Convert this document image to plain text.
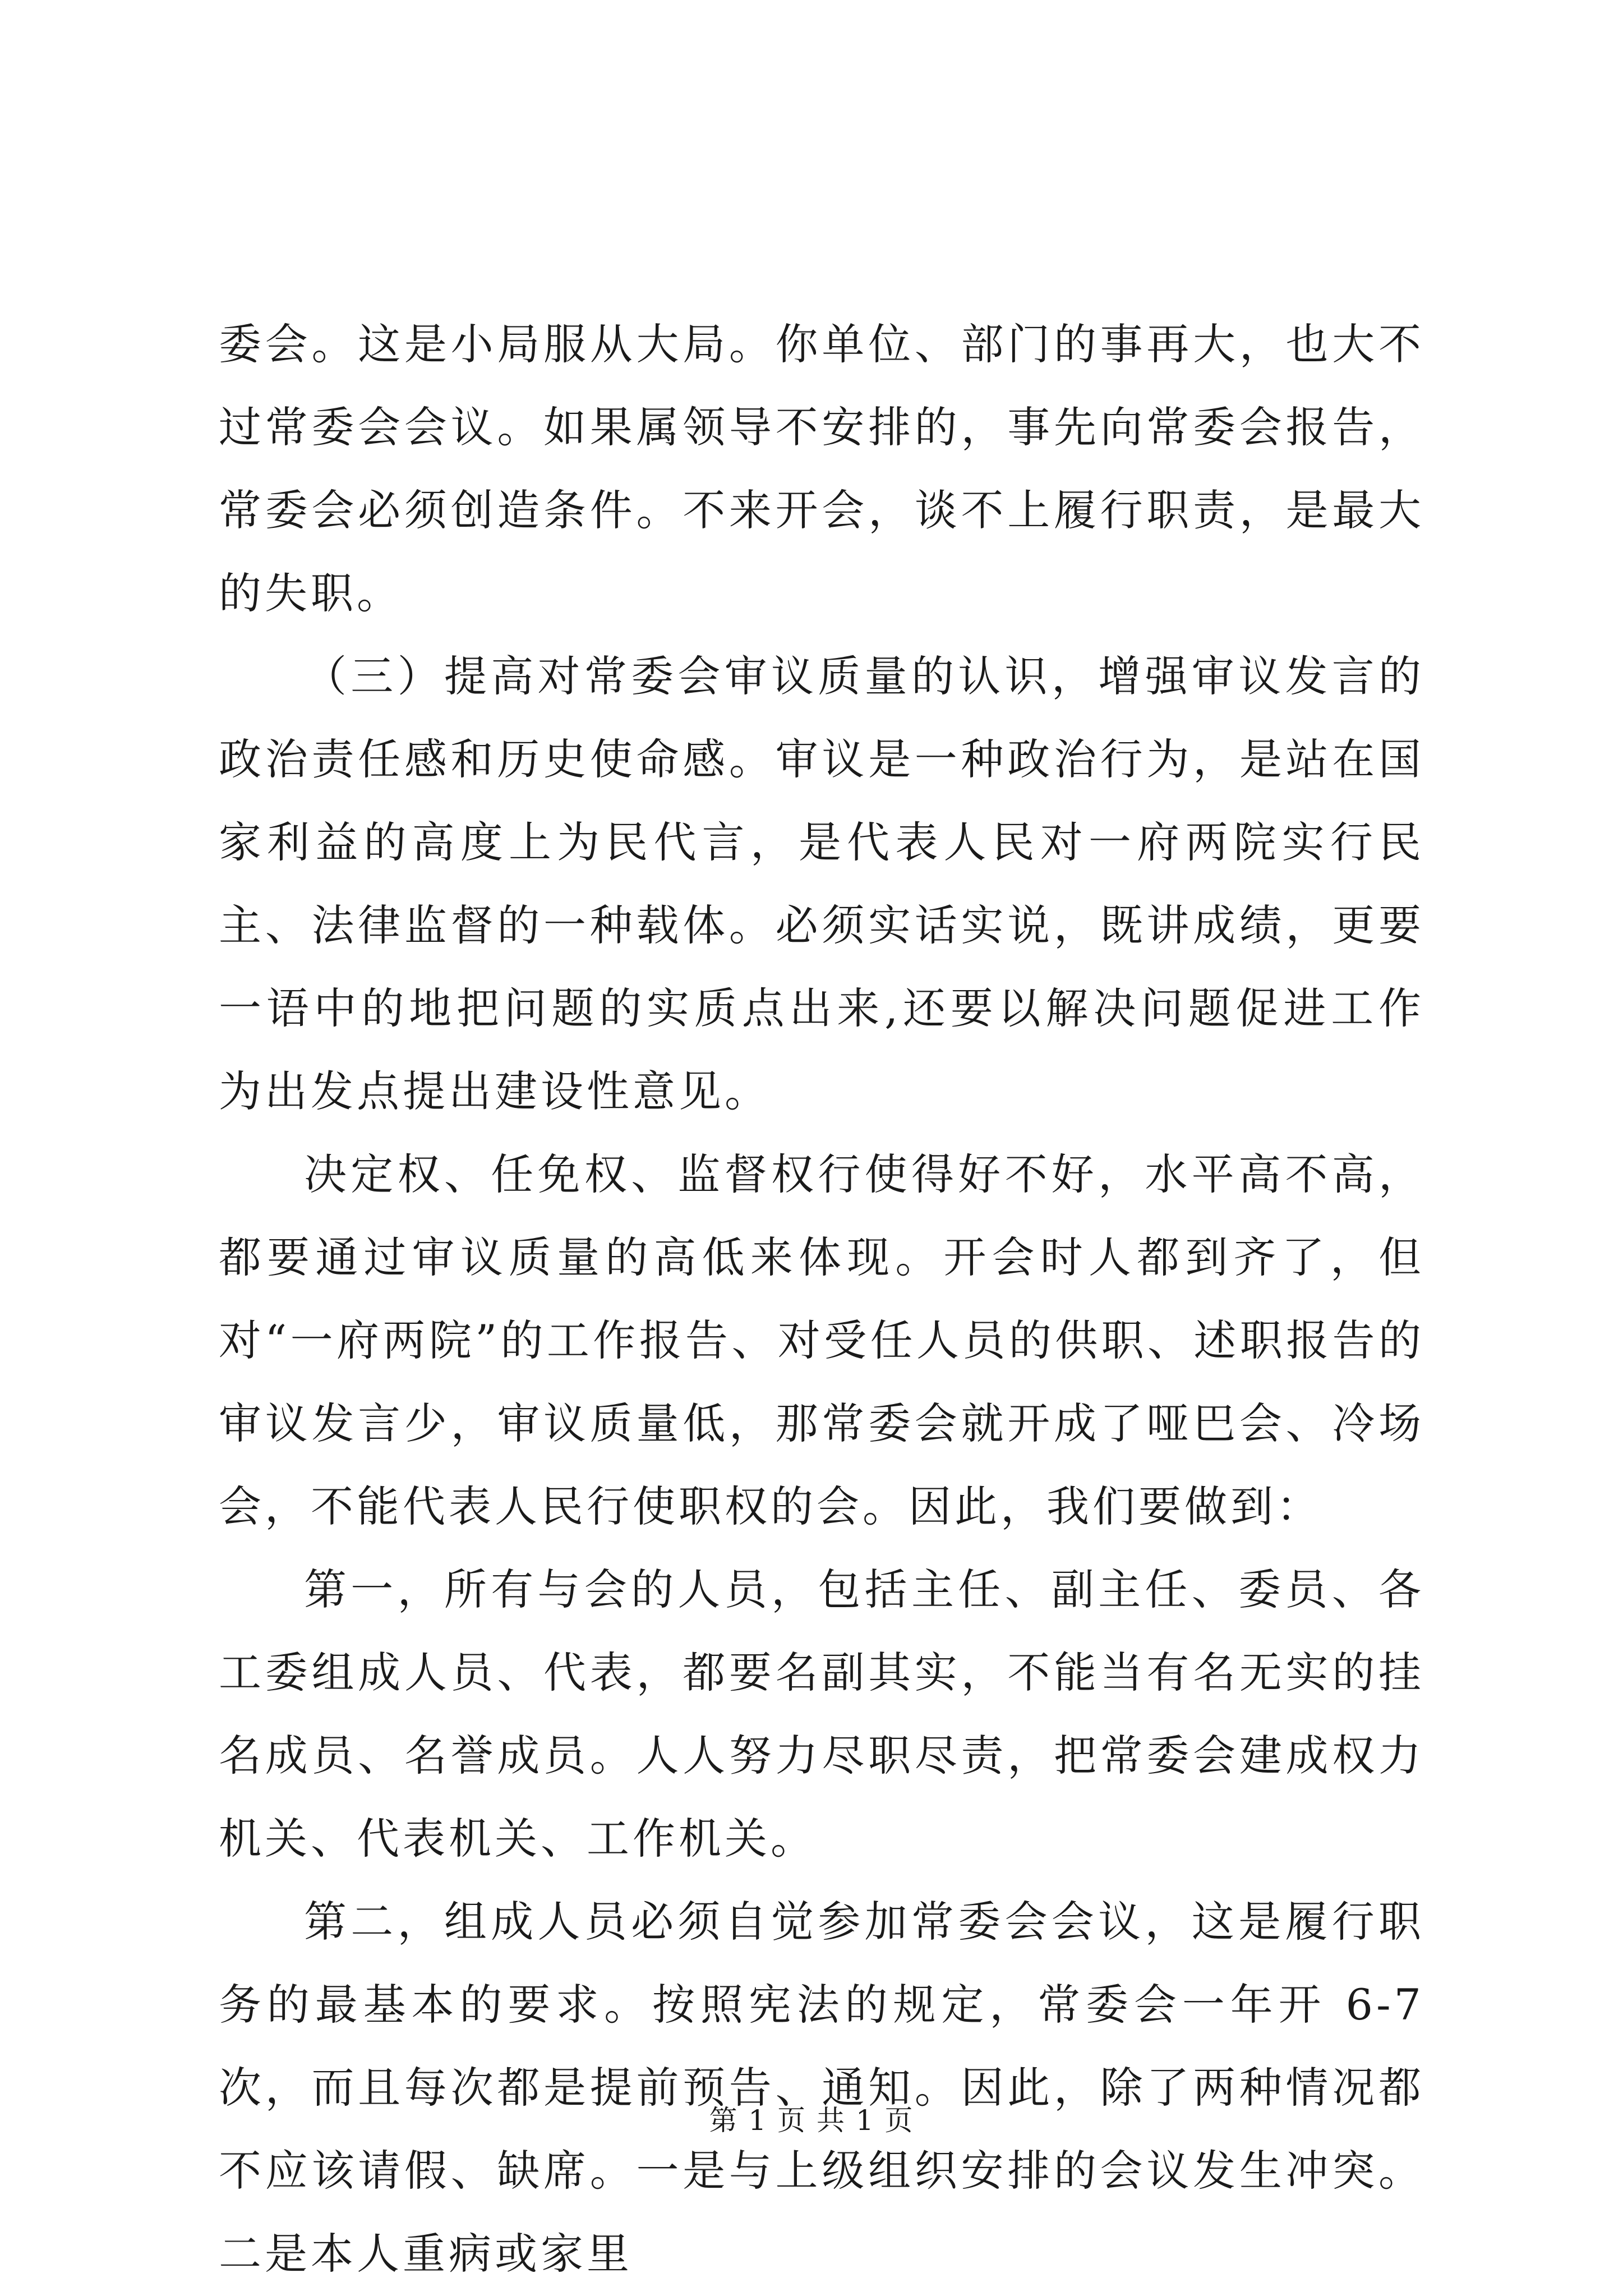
委会。这是小局服从大局。你单位、部门的事再大，也大不过常委会会议。如果属领导不安排的，事先向常委会报告，常委会必须创造条件。不来开会，谈不上履行职责，是最大的失职。

（三）提高对常委会审议质量的认识，增强审议发言的政治责任感和历史使命感。审议是一种政治行为，是站在国家利益的高度上为民代言，是代表人民对一府两院实行民主、法律监督的一种载体。必须实话实说，既讲成绩，更要一语中的地把问题的实质点出来,还要以解决问题促进工作为出发点提出建设性意见。

决定权、任免权、监督权行使得好不好，水平高不高，都要通过审议质量的高低来体现。开会时人都到齐了，但对“一府两院”的工作报告、对受任人员的供职、述职报告的审议发言少，审议质量低，那常委会就开成了哑巴会、冷场会，不能代表人民行使职权的会。因此，我们要做到：

第一，所有与会的人员，包括主任、副主任、委员、各工委组成人员、代表，都要名副其实，不能当有名无实的挂名成员、名誉成员。人人努力尽职尽责，把常委会建成权力机关、代表机关、工作机关。

第二，组成人员必须自觉参加常委会会议，这是履行职务的最基本的要求。按照宪法的规定，常委会一年开 6-7 次，而且每次都是提前预告、通知。因此，除了两种情况都不应该请假、缺席。一是与上级组织安排的会议发生冲突。二是本人重病或家里

第 1 页 共 1 页
